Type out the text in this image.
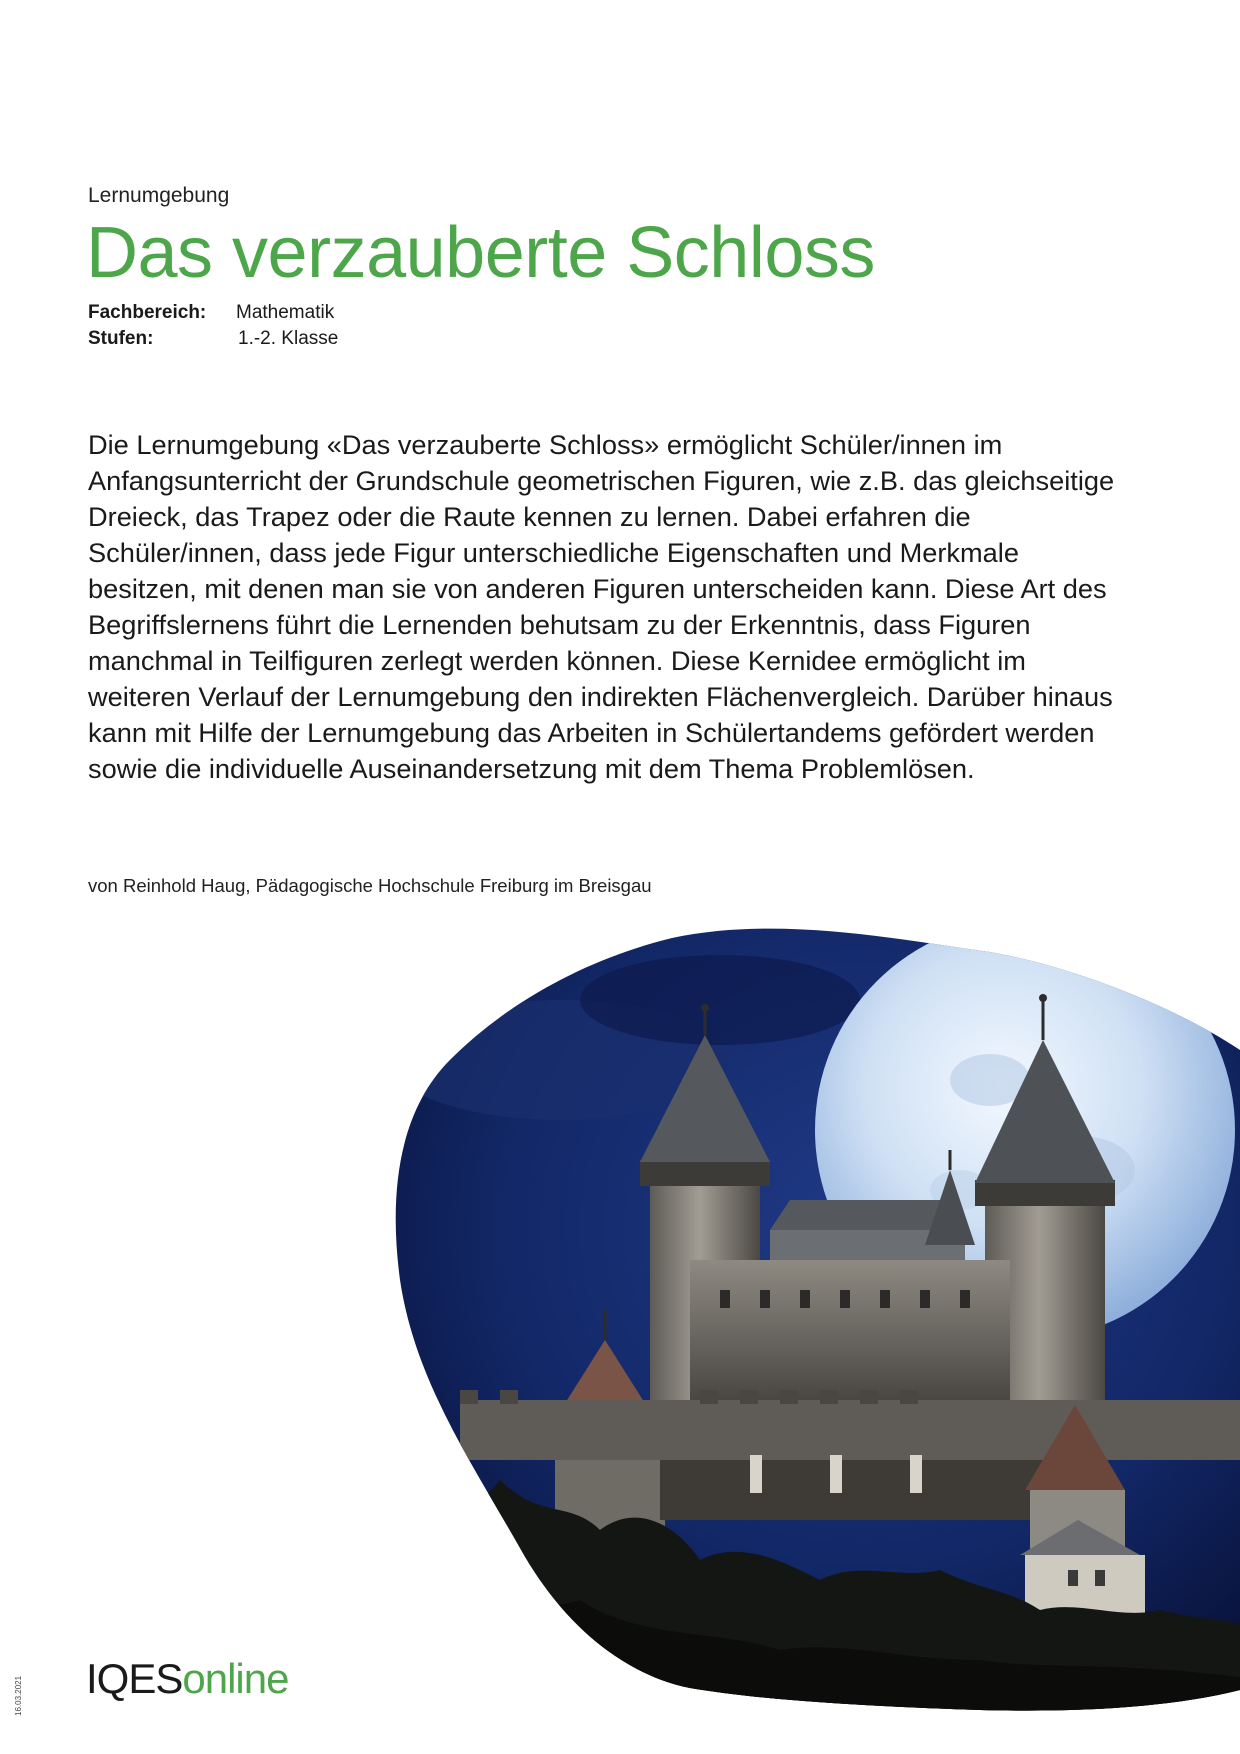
Lernumgebung
Das verzauberte Schloss
Fachbereich:	Mathematik
Stufen:	1.-2. Klasse
Die Lernumgebung «Das verzauberte Schloss» ermöglicht Schüler/innen im Anfangsunterricht der Grundschule geometrischen Figuren, wie z.B. das gleichseitige Dreieck, das Trapez oder die Raute kennen zu lernen. Dabei erfahren die Schüler/innen, dass jede Figur unterschiedliche Eigenschaften und Merkmale besitzen, mit denen man sie von anderen Figuren unterscheiden kann. Diese Art des Begriffslernens führt die Lernenden behutsam zu der Erkenntnis, dass Figuren manchmal in Teilfiguren zerlegt werden können. Diese Kernidee ermöglicht im weiteren Verlauf der Lernumgebung den indirekten Flächenvergleich. Darüber hinaus kann mit Hilfe der Lernumgebung das Arbeiten in Schülertandems gefördert werden sowie die individuelle Auseinandersetzung mit dem Thema Problemlösen.
von Reinhold Haug, Pädagogische Hochschule Freiburg im Breisgau
IQESonline
16.03.2021
